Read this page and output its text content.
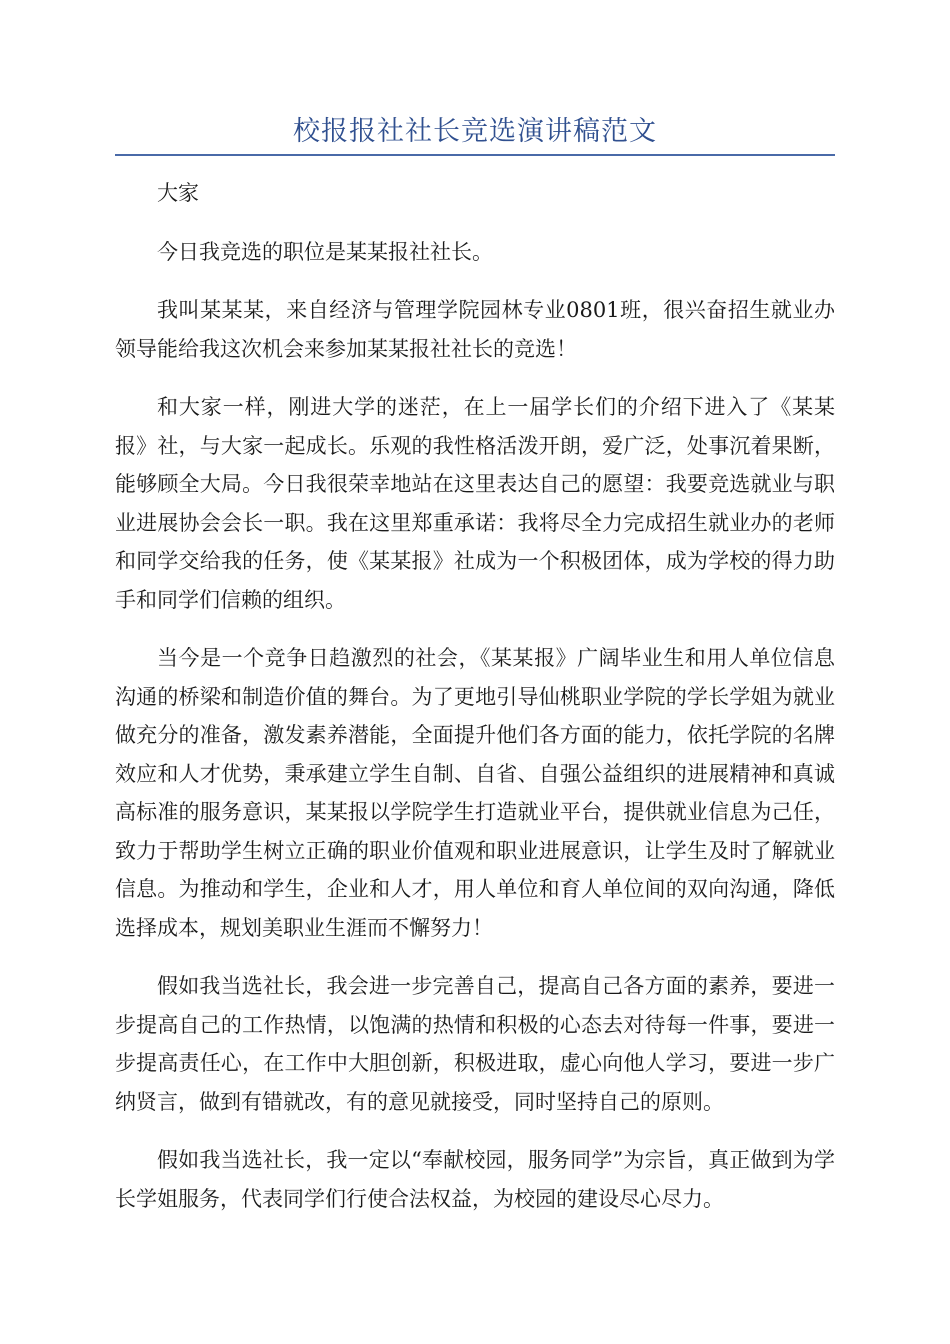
校报报社社长竞选演讲稿范文

大家

今日我竞选的职位是某某报社社长。

我叫某某某，来自经济与管理学院园林专业0801班，很兴奋招生就业办领导能给我这次机会来参加某某报社社长的竞选！

和大家一样，刚进大学的迷茫，在上一届学长们的介绍下进入了《某某报》社，与大家一起成长。乐观的我性格活泼开朗，爱广泛，处事沉着果断，能够顾全大局。今日我很荣幸地站在这里表达自己的愿望：我要竞选就业与职业进展协会会长一职。我在这里郑重承诺：我将尽全力完成招生就业办的老师和同学交给我的任务，使《某某报》社成为一个积极团体，成为学校的得力助手和同学们信赖的组织。

当今是一个竞争日趋激烈的社会，《某某报》广阔毕业生和用人单位信息沟通的桥梁和制造价值的舞台。为了更地引导仙桃职业学院的学长学姐为就业做充分的准备，激发素养潜能，全面提升他们各方面的能力，依托学院的名牌效应和人才优势，秉承建立学生自制、自省、自强公益组织的进展精神和真诚高标准的服务意识，某某报以学院学生打造就业平台，提供就业信息为己任，致力于帮助学生树立正确的职业价值观和职业进展意识，让学生及时了解就业信息。为推动和学生，企业和人才，用人单位和育人单位间的双向沟通，降低选择成本，规划美职业生涯而不懈努力！

假如我当选社长，我会进一步完善自己，提高自己各方面的素养，要进一步提高自己的工作热情，以饱满的热情和积极的心态去对待每一件事，要进一步提高责任心，在工作中大胆创新，积极进取，虚心向他人学习，要进一步广纳贤言，做到有错就改，有的意见就接受，同时坚持自己的原则。

假如我当选社长，我一定以“奉献校园，服务同学”为宗旨，真正做到为学长学姐服务，代表同学们行使合法权益，为校园的建设尽心尽力。
